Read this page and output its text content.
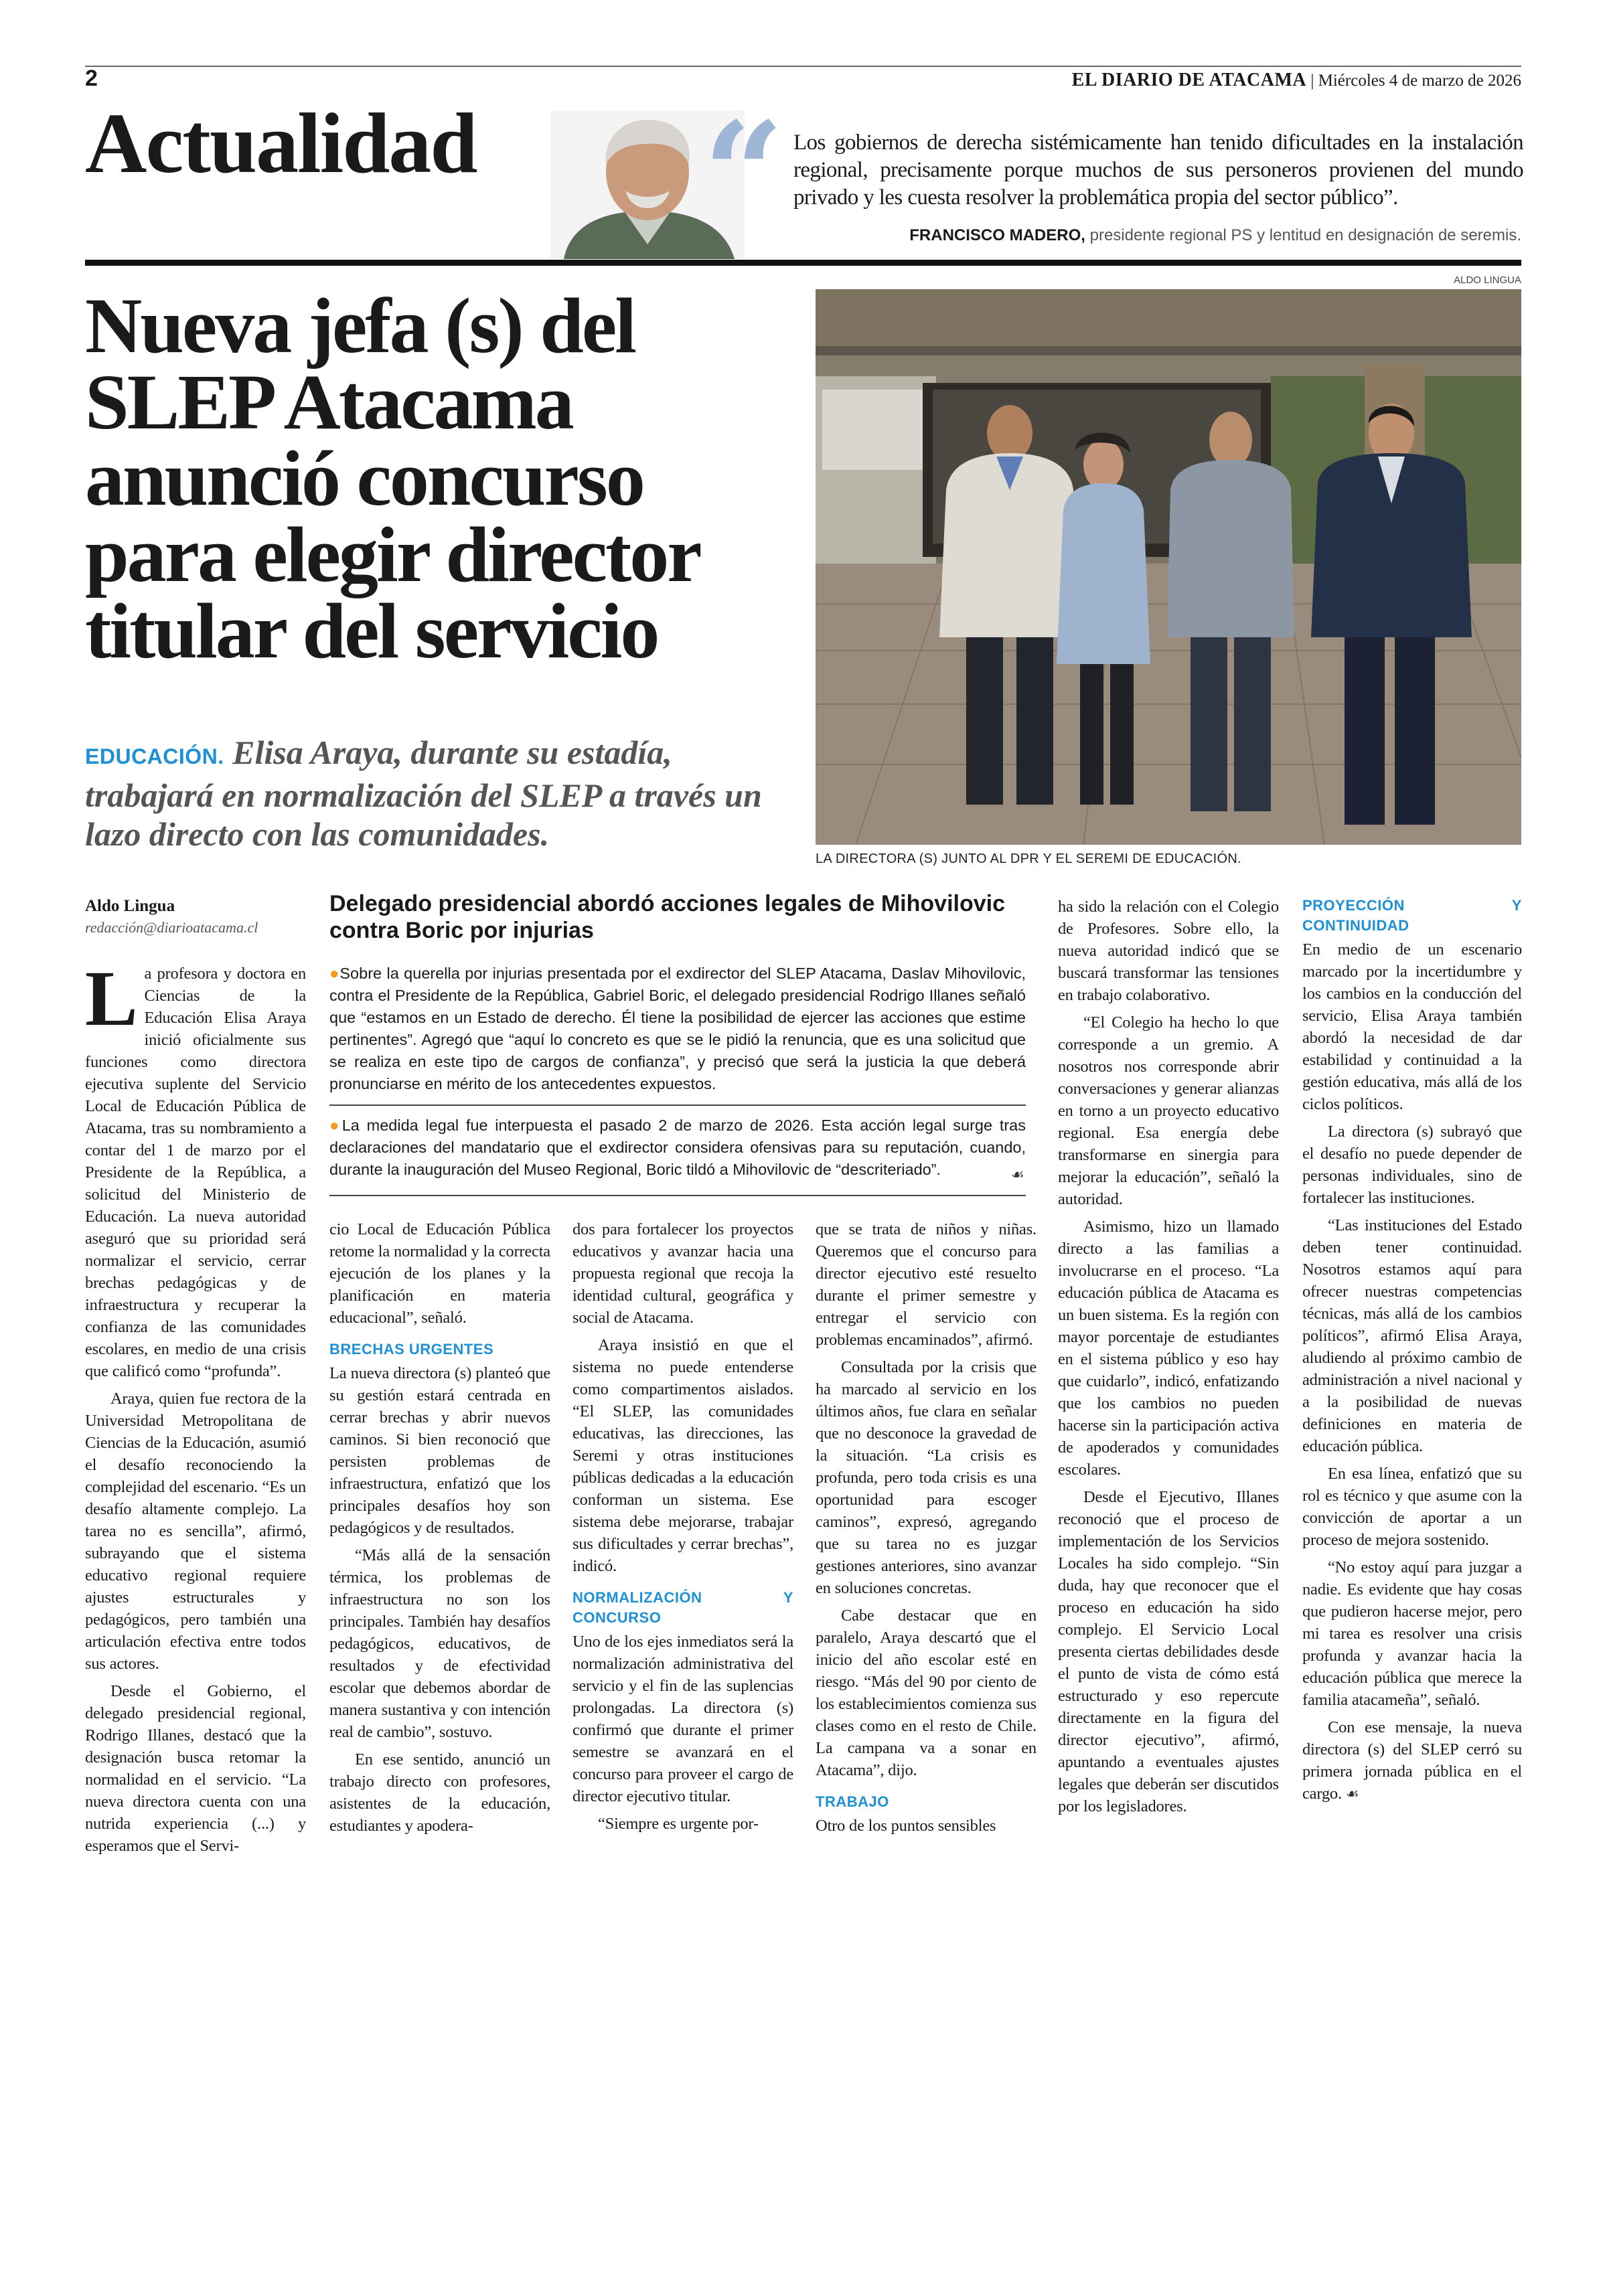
2	EL DIARIO DE ATACAMA | Miércoles 4 de marzo de 2026
Actualidad “ Los gobiernos de derecha sistémicamente han tenido dificultades en la instalación regional, precisamente porque muchos de sus personeros provienen del mundo privado y les cuesta resolver la problemática propia del sector público”.
FRANCISCO MADERO, presidente regional PS y lentitud en designación de seremis.
ALDO LINGUA
Nueva jefa (s) del SLEP Atacama anunció concurso para elegir director titular del servicio
EDUCACIÓN. Elisa Araya, durante su estadía, trabajará en normalización del SLEP a través un lazo directo con las comunidades.
LA DIRECTORA (S) JUNTO AL DPR Y EL SEREMI DE EDUCACIÓN.
Aldo Lingua
redacción@diarioatacama.cl
Delegado presidencial abordó acciones legales de Mihovilovic contra Boric por injurias
●Sobre la querella por injurias presentada por el exdirector del SLEP Atacama, Daslav Mihovilovic, contra el Presidente de la República, Gabriel Boric, el delegado presidencial Rodrigo Illanes señaló que “estamos en un Estado de derecho. Él tiene la posibilidad de ejercer las acciones que estime pertinentes”. Agregó que “aquí lo concreto es que se le pidió la renuncia, que es una solicitud que se realiza en este tipo de cargos de confianza”, y precisó que será la justicia la que deberá pronunciarse en mérito de los antecedentes expuestos.
●La medida legal fue interpuesta el pasado 2 de marzo de 2026. Esta acción legal surge tras declaraciones del mandatario que el exdirector considera ofensivas para su reputación, cuando, durante la inauguración del Museo Regional, Boric tildó a Mihovilovic de “descriteriado”.	☙

La profesora y doctora en Ciencias de la Educación Elisa Araya inició oficialmente sus funciones como directora ejecutiva suplente del Servicio Local de Educación Pública de Atacama, tras su nombramiento a contar del 1 de marzo por el Presidente de la República, a solicitud del Ministerio de Educación. La nueva autoridad aseguró que su prioridad será normalizar el servicio, cerrar brechas pedagógicas y de infraestructura y recuperar la confianza de las comunidades escolares, en medio de una crisis que calificó como “profunda”.

Araya, quien fue rectora de la Universidad Metropolitana de Ciencias de la Educación, asumió el desafío reconociendo la complejidad del escenario. “Es un desafío altamente complejo. La tarea no es sencilla”, afirmó, subrayando que el sistema educativo regional requiere ajustes estructurales y pedagógicos, pero también una articulación efectiva entre todos sus actores.

Desde el Gobierno, el delegado presidencial regional, Rodrigo Illanes, destacó que la designación busca retomar la normalidad en el servicio. “La nueva directora cuenta con una nutrida experiencia (...) y esperamos que el Servi-

cio Local de Educación Pública retome la normalidad y la correcta ejecución de los planes y la planificación en materia educacional”, señaló.

BRECHAS URGENTES

La nueva directora (s) planteó que su gestión estará centrada en cerrar brechas y abrir nuevos caminos. Si bien reconoció que persisten problemas de infraestructura, enfatizó que los principales desafíos hoy son pedagógicos y de resultados.

“Más allá de la sensación térmica, los problemas de infraestructura no son los principales. También hay desafíos pedagógicos, educativos, de resultados y de efectividad escolar que debemos abordar de manera sustantiva y con intención real de cambio”, sostuvo.

En ese sentido, anunció un trabajo directo con profesores, asistentes de la educación, estudiantes y apodera-

dos para fortalecer los proyectos educativos y avanzar hacia una propuesta regional que recoja la identidad cultural, geográfica y social de Atacama.

Araya insistió en que el sistema no puede entenderse como compartimentos aislados. “El SLEP, las comunidades educativas, las direcciones, las Seremi y otras instituciones públicas dedicadas a la educación conforman un sistema. Ese sistema debe mejorarse, trabajar sus dificultades y cerrar brechas”, indicó.

NORMALIZACIÓN Y CONCURSO

Uno de los ejes inmediatos será la normalización administrativa del servicio y el fin de las suplencias prolongadas. La directora (s) confirmó que durante el primer semestre se avanzará en el concurso para proveer el cargo de director ejecutivo titular.

“Siempre es urgente por-

que se trata de niños y niñas. Queremos que el concurso para director ejecutivo esté resuelto durante el primer semestre y entregar el servicio con problemas encaminados”, afirmó.

Consultada por la crisis que ha marcado al servicio en los últimos años, fue clara en señalar que no desconoce la gravedad de la situación. “La crisis es profunda, pero toda crisis es una oportunidad para escoger caminos”, expresó, agregando que su tarea no es juzgar gestiones anteriores, sino avanzar en soluciones concretas.

Cabe destacar que en paralelo, Araya descartó que el inicio del año escolar esté en riesgo. “Más del 90 por ciento de los establecimientos comienza sus clases como en el resto de Chile. La campana va a sonar en Atacama”, dijo.

TRABAJO

Otro de los puntos sensibles

ha sido la relación con el Colegio de Profesores. Sobre ello, la nueva autoridad indicó que se buscará transformar las tensiones en trabajo colaborativo.

“El Colegio ha hecho lo que corresponde a un gremio. A nosotros nos corresponde abrir conversaciones y generar alianzas en torno a un proyecto educativo regional. Esa energía debe transformarse en sinergia para mejorar la educación”, señaló la autoridad.

Asimismo, hizo un llamado directo a las familias a involucrarse en el proceso. “La educación pública de Atacama es un buen sistema. Es la región con mayor porcentaje de estudiantes en el sistema público y eso hay que cuidarlo”, indicó, enfatizando que los cambios no pueden hacerse sin la participación activa de apoderados y comunidades escolares.

Desde el Ejecutivo, Illanes reconoció que el proceso de implementación de los Servicios Locales ha sido complejo. “Sin duda, hay que reconocer que el proceso en educación ha sido complejo. El Servicio Local presenta ciertas debilidades desde el punto de vista de cómo está estructurado y eso repercute directamente en la figura del director ejecutivo”, afirmó, apuntando a eventuales ajustes legales que deberán ser discutidos por los legisladores.

PROYECCIÓN Y CONTINUIDAD

En medio de un escenario marcado por la incertidumbre y los cambios en la conducción del servicio, Elisa Araya también abordó la necesidad de dar estabilidad y continuidad a la gestión educativa, más allá de los ciclos políticos.

La directora (s) subrayó que el desafío no puede depender de personas individuales, sino de fortalecer las instituciones.

“Las instituciones del Estado deben tener continuidad. Nosotros estamos aquí para ofrecer nuestras competencias técnicas, más allá de los cambios políticos”, afirmó Elisa Araya, aludiendo al próximo cambio de administración a nivel nacional y a la posibilidad de nuevas definiciones en materia de educación pública.

En esa línea, enfatizó que su rol es técnico y que asume con la convicción de aportar a un proceso de mejora sostenido.

“No estoy aquí para juzgar a nadie. Es evidente que hay cosas que pudieron hacerse mejor, pero mi tarea es resolver una crisis profunda y avanzar hacia la educación pública que merece la familia atacameña”, señaló.

Con ese mensaje, la nueva directora (s) del SLEP cerró su primera jornada pública en el cargo. ☙
